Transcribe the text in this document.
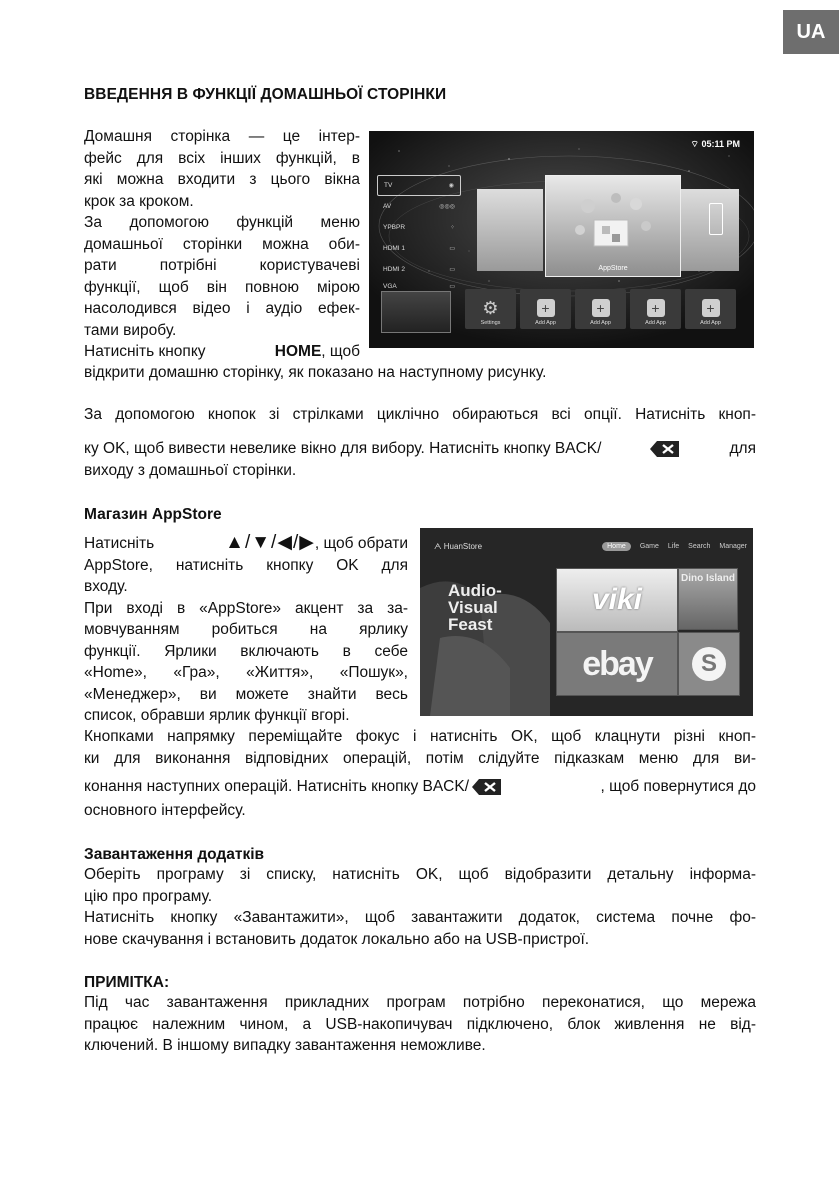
UA
ВВЕДЕННЯ В ФУНКЦІЇ ДОМАШНЬОЇ СТОРІНКИ
Домашня сторінка — це інтер-
фейс для всіх інших функцій, в
які можна входити з цього вікна
крок за кроком.
За допомогою функцій меню
домашньої сторінки можна оби-
рати потрібні користувачеві
функції, щоб він повною мірою
насолодився відео і аудіо ефек-
тами виробу.
Натисніть кнопку	HOME, щоб
відкрити домашню сторінку, як показано на наступному рисунку.
⌔ 05:11 PM
TV	◉
AV	◎◎◎
YPBPR	⁘
HDMI 1	▭
HDMI 2	▭
VGA	▭
AppStore
⚙
Settings
+
Add App
+
Add App
+
Add App
+
Add App
За допомогою кнопок зі стрілками циклічно обираються всі опції. Натисніть кноп-
ку OK, щоб вивести невелике вікно для вибору. Натисніть кнопку BACK/	для
виходу з домашньої сторінки.
Магазин AppStore
Натисніть	▲/▼/◀/▶, щоб обрати
AppStore, натисніть кнопку OK для
входу.
При вході в «AppStore» акцент за за-
мовчуванням робиться на ярлику
функції. Ярлики включають в себе
«Home», «Гра», «Життя», «Пошук»,
«Менеджер», ви можете знайти весь
список, обравши ярлик функції вгорі.
ᗅ HuanStore	Home	Game Life Search Manager
Audio-
Visual
Feast
viki
Dino Island
ebay	S
Кнопками напрямку переміщайте фокус і натисніть OK, щоб клацнути різні кноп-
ки для виконання відповідних операцій, потім слідуйте підказкам меню для ви-
конання наступних операцій. Натисніть кнопку BACK/	, щоб повернутися до
основного інтерфейсу.
Завантаження додатків
Оберіть програму зі списку, натисніть OK, щоб відобразити детальну інформа-
цію про програму.
Натисніть кнопку «Завантажити», щоб завантажити додаток, система почне фо-
нове скачування і встановить додаток локально або на USB-пристрої.
ПРИМІТКА:
Під час завантаження прикладних програм потрібно переконатися, що мережа
працює належним чином, а USB-накопичувач підключено, блок живлення не від-
ключений. В іншому випадку завантаження неможливе.
